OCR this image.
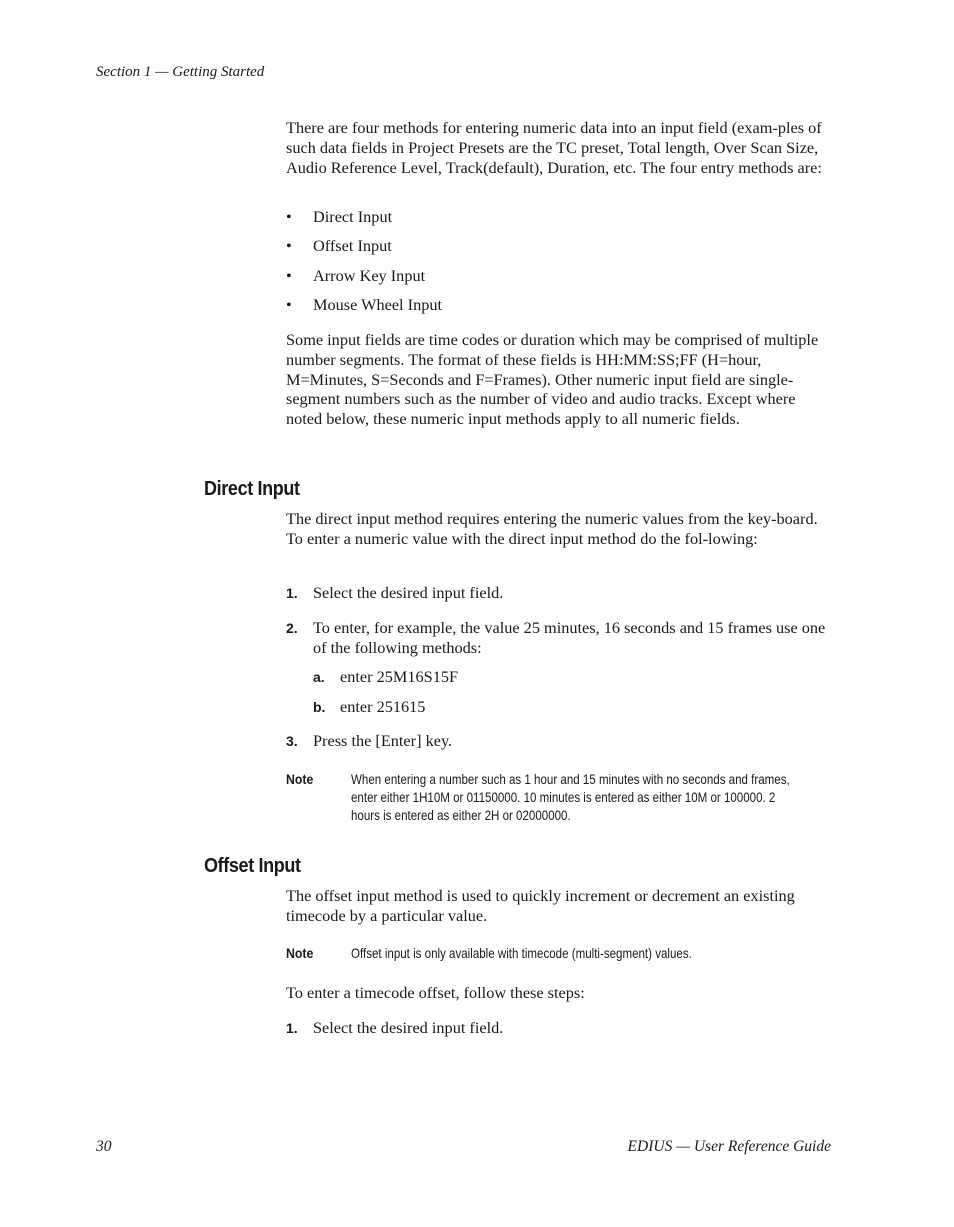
Section 1 — Getting Started
There are four methods for entering numeric data into an input field (exam-ples of such data fields in Project Presets are the TC preset, Total length, Over Scan Size, Audio Reference Level, Track(default), Duration, etc. The four entry methods are:
• Direct Input
• Offset Input
• Arrow Key Input
• Mouse Wheel Input
Some input fields are time codes or duration which may be comprised of multiple number segments. The format of these fields is HH:MM:SS;FF (H=hour, M=Minutes, S=Seconds and F=Frames). Other numeric input field are single-segment numbers such as the number of video and audio tracks. Except where noted below, these numeric input methods apply to all numeric fields.
Direct Input
The direct input method requires entering the numeric values from the key-board. To enter a numeric value with the direct input method do the fol-lowing:
1. Select the desired input field.
2. To enter, for example, the value 25 minutes, 16 seconds and 15 frames use one of the following methods:
a. enter 25M16S15F
b. enter 251615
3. Press the [Enter] key.
Note	When entering a number such as 1 hour and 15 minutes with no seconds and frames, enter either 1H10M or 01150000. 10 minutes is entered as either 10M or 100000. 2 hours is entered as either 2H or 02000000.
Offset Input
The offset input method is used to quickly increment or decrement an existing timecode by a particular value.
Note	Offset input is only available with timecode (multi-segment) values.
To enter a timecode offset, follow these steps:
1. Select the desired input field.
30	EDIUS — User Reference Guide
